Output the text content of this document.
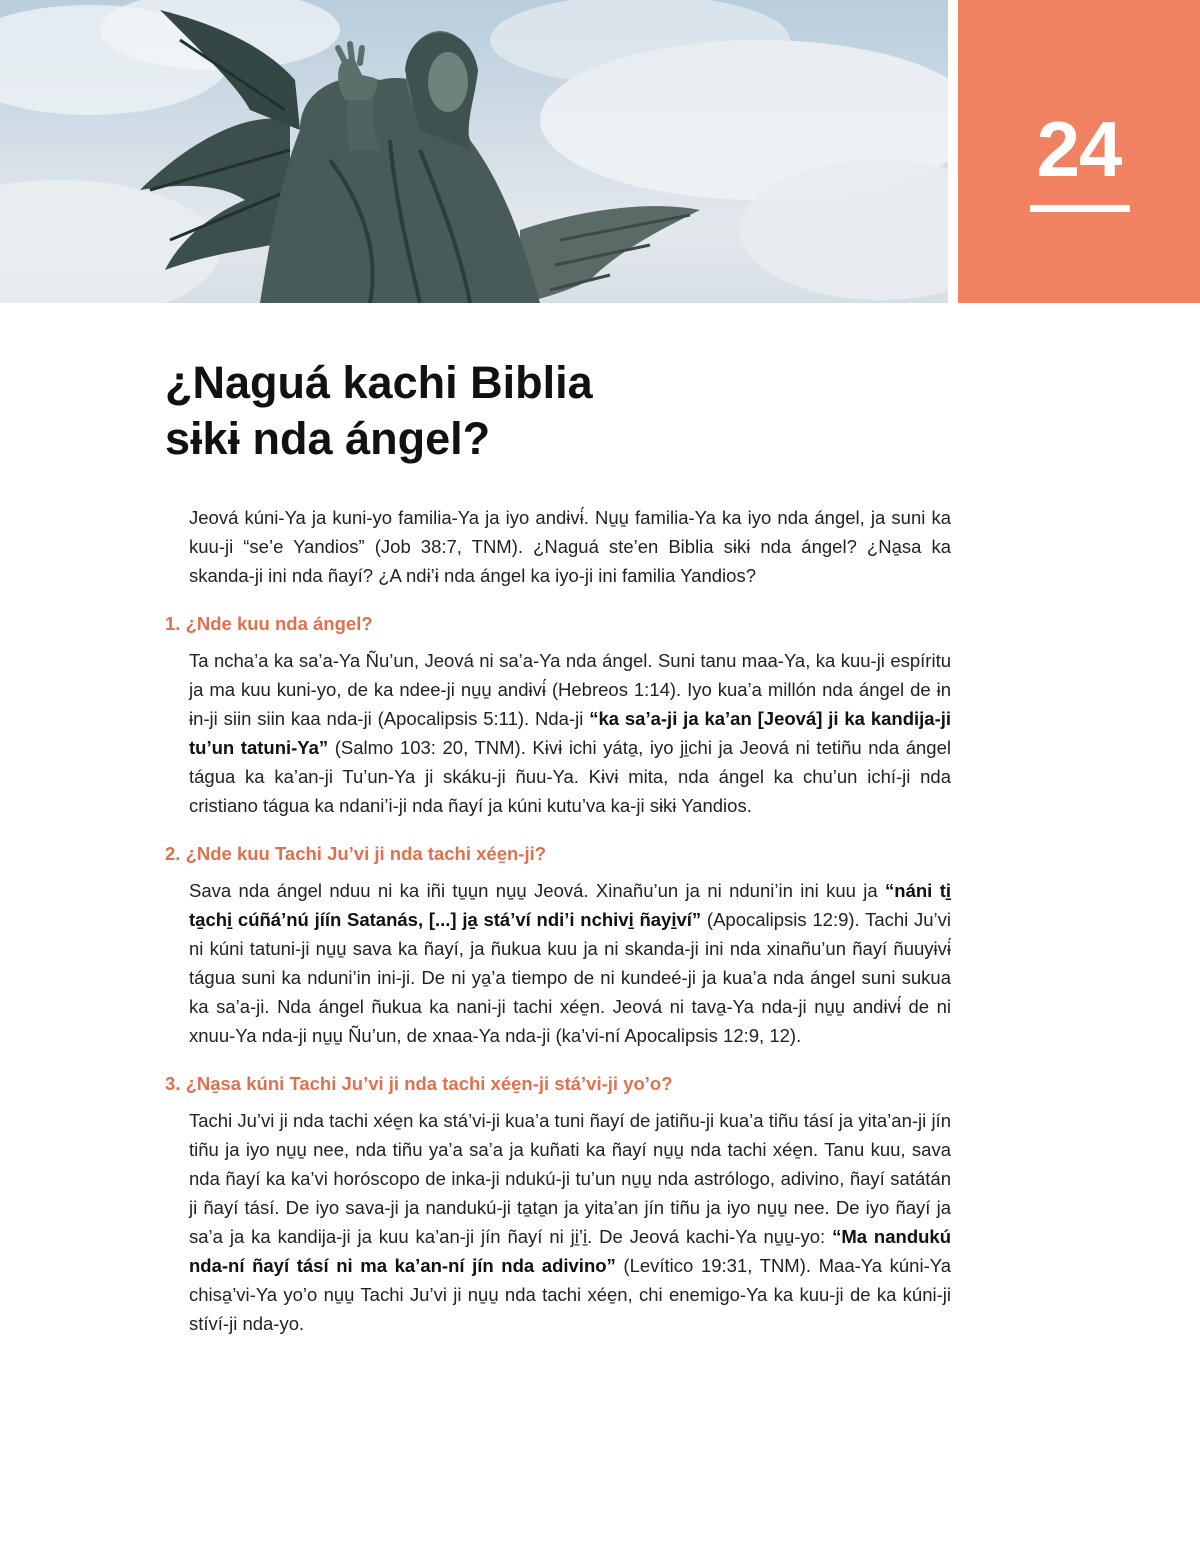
24
¿Naguá kachi Biblia
sɨkɨ nda ángel?

Jeová kúni-Ya ja kuni-yo familia-Ya ja iyo andɨvɨ́. Nu̱u̱ familia-Ya ka iyo nda ángel, ja suni ka kuu-ji “se’e Yandios” (Job 38:7, TNM). ¿Naguá ste’en Biblia sɨkɨ nda ángel? ¿Na̱sa ka skanda-ji ini nda ñayí? ¿A ndɨ’ɨ nda ángel ka iyo-ji ini familia Yandios?

1. ¿Nde kuu nda ángel?

Ta ncha’a ka sa’a-Ya Ñu’un, Jeová ni sa’a-Ya nda ángel. Suni tanu maa-Ya, ka kuu-ji espíritu ja ma kuu kuni-yo, de ka ndee-ji nu̱u̱ andɨvɨ́ (Hebreos 1:14). Iyo kua’a millón nda ángel de ɨn ɨn-ji siin siin kaa nda-ji (Apocalipsis 5:11). Nda-ji “ka sa’a-ji ja ka’an [Jeová] ji ka kandija-ji tu’un tatuni-Ya” (Salmo 103: 20, TNM). Kɨvɨ ichi yáta̱, iyo ji̱chi ja Jeová ni tetiñu nda ángel tágua ka ka’an-ji Tu’un-Ya ji skáku-ji ñuu-Ya. Kɨvɨ mita, nda ángel ka chu’un ichí-ji nda cristiano tágua ka ndani’i-ji nda ñayí ja kúni kutu’va ka-ji sɨkɨ Yandios.

2. ¿Nde kuu Tachi Ju’vi ji nda tachi xée̱n-ji?

Sava nda ángel nduu ni ka iñi tu̱u̱n nu̱u̱ Jeová. Xinañu’un ja ni nduni’in ini kuu ja “náni ti̱ ta̱chi̱ cúñá’nú jíín Satanás, [...] ja̱ stá’ví ndi’i nchivi̱ ñayi̱ví” (Apocalipsis 12:9). Tachi Ju’vi ni kúni tatuni-ji nu̱u̱ sava ka ñayí, ja ñukua kuu ja ni skanda-ji ini nda xinañu’un ñayí ñuuyɨvɨ́ tágua suni ka nduni’in ini-ji. De ni ya̱’a tiempo de ni kundeé-ji ja kua’a nda ángel suni sukua ka sa’a-ji. Nda ángel ñukua ka nani-ji tachi xée̱n. Jeová ni tava̱-Ya nda-ji nu̱u̱ andɨvɨ́ de ni xnuu-Ya nda-ji nu̱u̱ Ñu’un, de xnaa-Ya nda-ji (ka’vi-ní Apocalipsis 12:9, 12).

3. ¿Na̱sa kúni Tachi Ju’vi ji nda tachi xée̱n-ji stá’vi-ji yo’o?

Tachi Ju’vi ji nda tachi xée̱n ka stá’vi-ji kua’a tuni ñayí de jatiñu-ji kua’a tiñu tásí ja yita’an-ji jín tiñu ja iyo nu̱u̱ nee, nda tiñu ya’a sa’a ja kuñati ka ñayí nu̱u̱ nda tachi xée̱n. Tanu kuu, sava nda ñayí ka ka’vi horóscopo de inka-ji ndukú-ji tu’un nu̱u̱ nda astrólogo, adivino, ñayí satátán ji ñayí tásí. De iyo sava-ji ja nandukú-ji ta̱ta̱n ja yita’an jín tiñu ja iyo nu̱u̱ nee. De iyo ñayí ja sa’a ja ka kandija-ji ja kuu ka’an-ji jín ñayí ni ji̱’i̱. De Jeová kachi-Ya nu̱u̱-yo: “Ma nandukú nda-ní ñayí tásí ni ma ka’an-ní jín nda adivino” (Levítico 19:31, TNM). Maa-Ya kúni-Ya chisa̱’vi-Ya yo’o nu̱u̱ Tachi Ju’vi ji nu̱u̱ nda tachi xée̱n, chi enemigo-Ya ka kuu-ji de ka kúni-ji stíví-ji nda-yo.
